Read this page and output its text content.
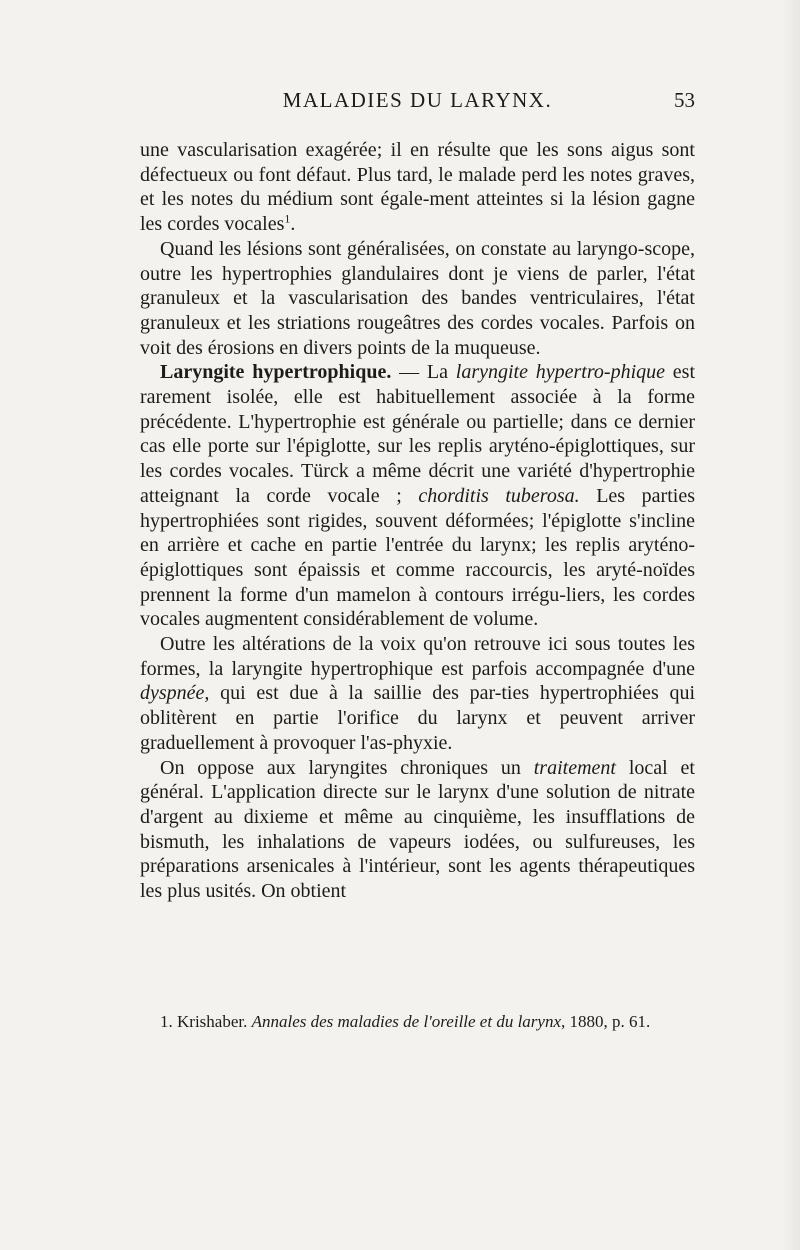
MALADIES DU LARYNX.	53

une vascularisation exagérée; il en résulte que les sons aigus sont défectueux ou font défaut. Plus tard, le malade perd les notes graves, et les notes du médium sont égale-ment atteintes si la lésion gagne les cordes vocales$^1$.

Quand les lésions sont généralisées, on constate au laryngo-scope, outre les hypertrophies glandulaires dont je viens de parler, l'état granuleux et la vascularisation des bandes ventriculaires, l'état granuleux et les striations rougeâtres des cordes vocales. Parfois on voit des érosions en divers points de la muqueuse.

Laryngite hypertrophique. — La laryngite hypertro-phique est rarement isolée, elle est habituellement associée à la forme précédente. L'hypertrophie est générale ou partielle; dans ce dernier cas elle porte sur l'épiglotte, sur les replis aryténo-épiglottiques, sur les cordes vocales. Türck a même décrit une variété d'hypertrophie atteignant la corde vocale ; chorditis tuberosa. Les parties hypertrophiées sont rigides, souvent déformées; l'épiglotte s'incline en arrière et cache en partie l'entrée du larynx; les replis aryténo-épiglottiques sont épaissis et comme raccourcis, les aryté-noïdes prennent la forme d'un mamelon à contours irrégu-liers, les cordes vocales augmentent considérablement de volume.

Outre les altérations de la voix qu'on retrouve ici sous toutes les formes, la laryngite hypertrophique est parfois accompagnée d'une dyspnée, qui est due à la saillie des par-ties hypertrophiées qui oblitèrent en partie l'orifice du larynx et peuvent arriver graduellement à provoquer l'as-phyxie.

On oppose aux laryngites chroniques un traitement local et général. L'application directe sur le larynx d'une solution de nitrate d'argent au dixieme et même au cinquième, les insufflations de bismuth, les inhalations de vapeurs iodées, ou sulfureuses, les préparations arsenicales à l'intérieur, sont les agents thérapeutiques les plus usités. On obtient

1. Krishaber. Annales des maladies de l'oreille et du larynx, 1880, p. 61.
